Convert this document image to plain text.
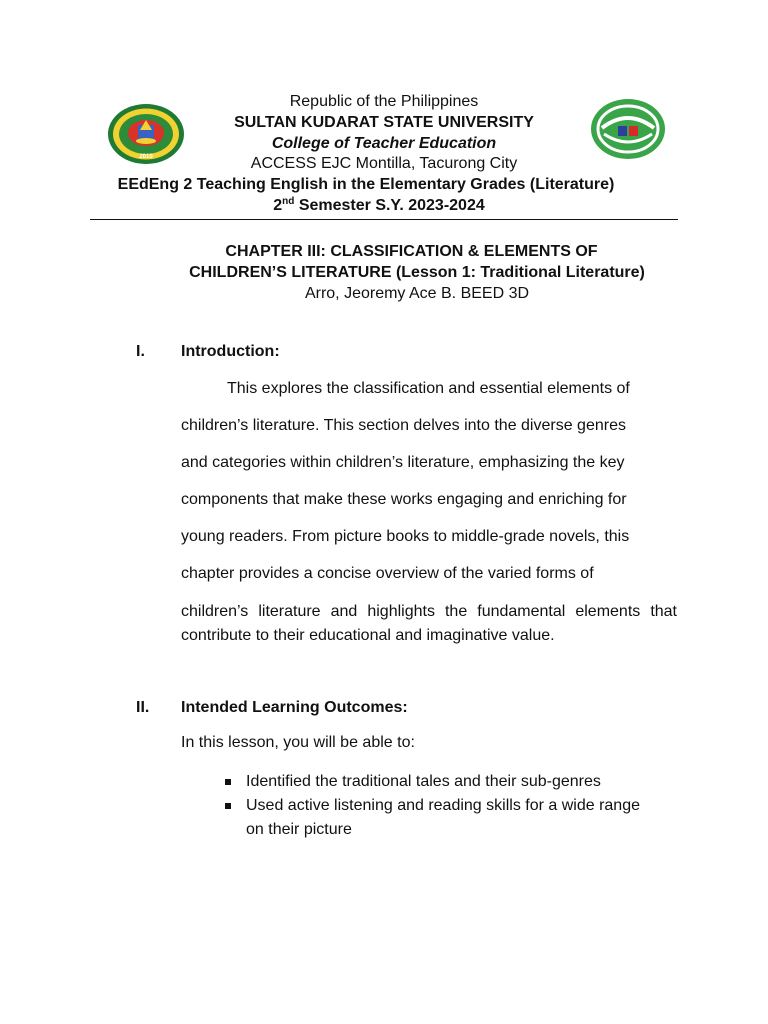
2010
Republic of the Philippines
SULTAN KUDARAT STATE UNIVERSITY
College of Teacher Education
ACCESS EJC Montilla, Tacurong City
EEdEng 2 Teaching English in the Elementary Grades (Literature)
2nd Semester S.Y. 2023-2024
CHAPTER III: CLASSIFICATION & ELEMENTS OF
CHILDREN’S LITERATURE (Lesson 1: Traditional Literature)
Arro, Jeoremy Ace B. BEED 3D
I. Introduction:
This explores the classification and essential elements of
children’s literature. This section delves into the diverse genres
and categories within children’s literature, emphasizing the key
components that make these works engaging and enriching for
young readers. From picture books to middle-grade novels, this
chapter provides a concise overview of the varied forms of
children’s literature and highlights the fundamental elements that contribute to their educational and imaginative value.
II. Intended Learning Outcomes:
In this lesson, you will be able to:
Identified the traditional tales and their sub-genres
Used active listening and reading skills for a wide range on their picture
